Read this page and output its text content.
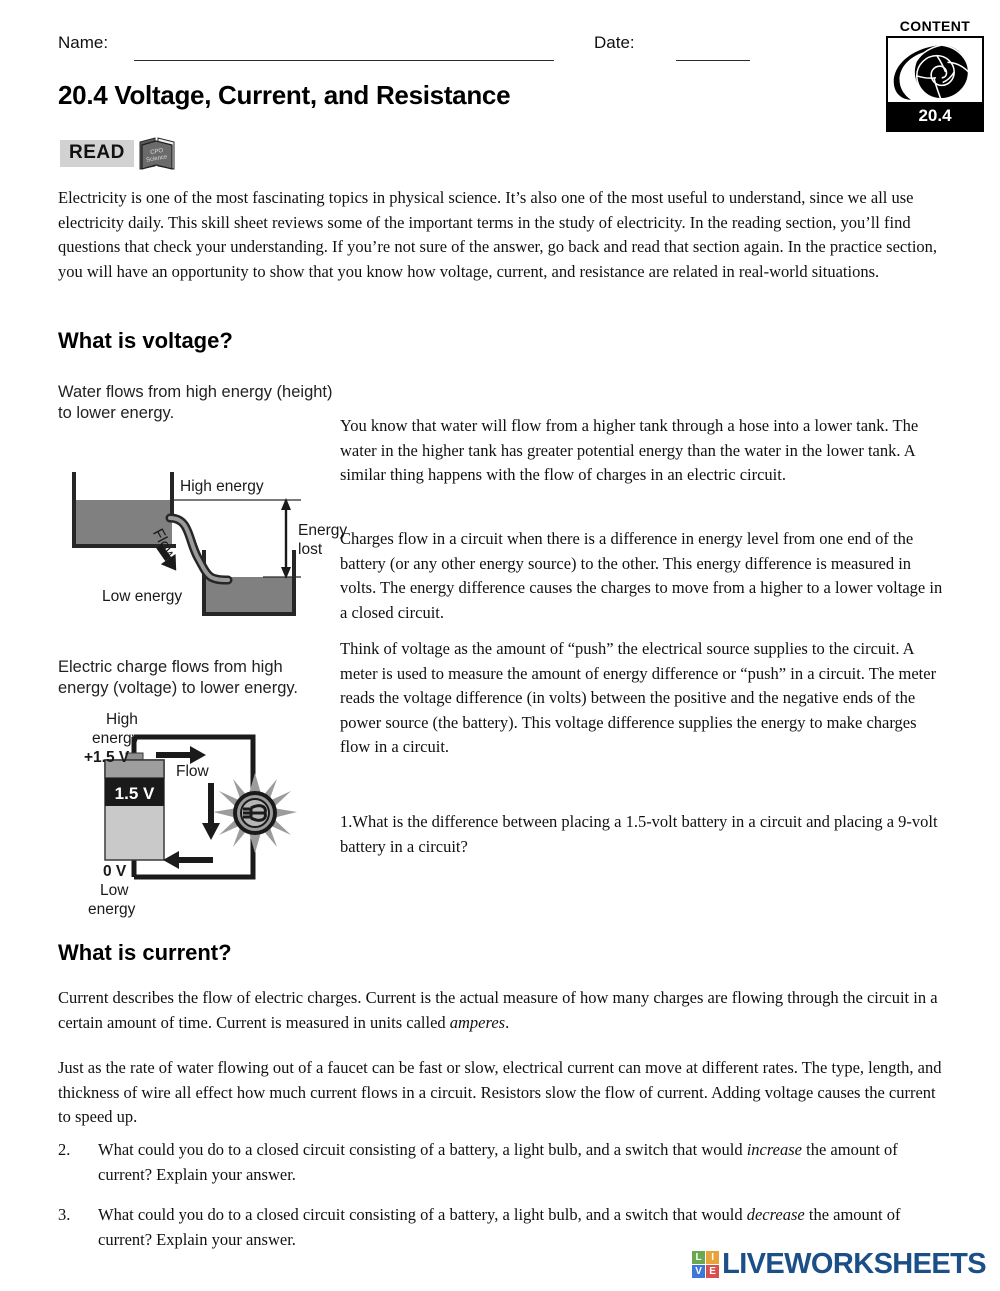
Name:	Date:
20.4 Voltage, Current, and Resistance
CONTENT
20.4
READ	CPO
Science
Electricity is one of the most fascinating topics in physical science. It’s also one of the most useful to understand, since we all use electricity daily. This skill sheet reviews some of the important terms in the study of electricity. In the reading section, you’ll find questions that check your understanding. If you’re not sure of the answer, go back and read that section again. In the practice section, you will have an opportunity to show that you know how voltage, current, and resistance are related in real-world situations.
What is voltage?
Water flows from high energy (height) to lower energy.
High energy
Energy
lost
Low energy
Flow
Electric charge flows from high energy (voltage) to lower energy.
1.5 V
High
energy
+1.5 V
Flow
0 V
Low
energy
You know that water will flow from a higher tank through a hose into a lower tank. The water in the higher tank has greater potential energy than the water in the lower tank. A similar thing happens with the flow of charges in an electric circuit.
Charges flow in a circuit when there is a difference in energy level from one end of the battery (or any other energy source) to the other. This energy difference is measured in volts. The energy difference causes the charges to move from a higher to a lower voltage in a closed circuit.
Think of voltage as the amount of “push” the electrical source supplies to the circuit. A meter is used to measure the amount of energy difference or “push” in a circuit. The meter reads the voltage difference (in volts) between the positive and the negative ends of the power source (the battery). This voltage difference supplies the energy to make charges flow in a circuit.
1.What is the difference between placing a 1.5-volt battery in a circuit and placing a 9-volt battery in a circuit?
What is current?
Current describes the flow of electric charges. Current is the actual measure of how many charges are flowing through the circuit in a certain amount of time. Current is measured in units called amperes.
Just as the rate of water flowing out of a faucet can be fast or slow, electrical current can move at different rates. The type, length, and thickness of wire all effect how much current flows in a circuit. Resistors slow the flow of current. Adding voltage causes the current to speed up.
2.	What could you do to a closed circuit consisting of a battery, a light bulb, and a switch that would increase the amount of current? Explain your answer.
3.	What could you do to a closed circuit consisting of a battery, a light bulb, and a switch that would decrease the amount of current? Explain your answer.
L I
V E LIVEWORKSHEETS
